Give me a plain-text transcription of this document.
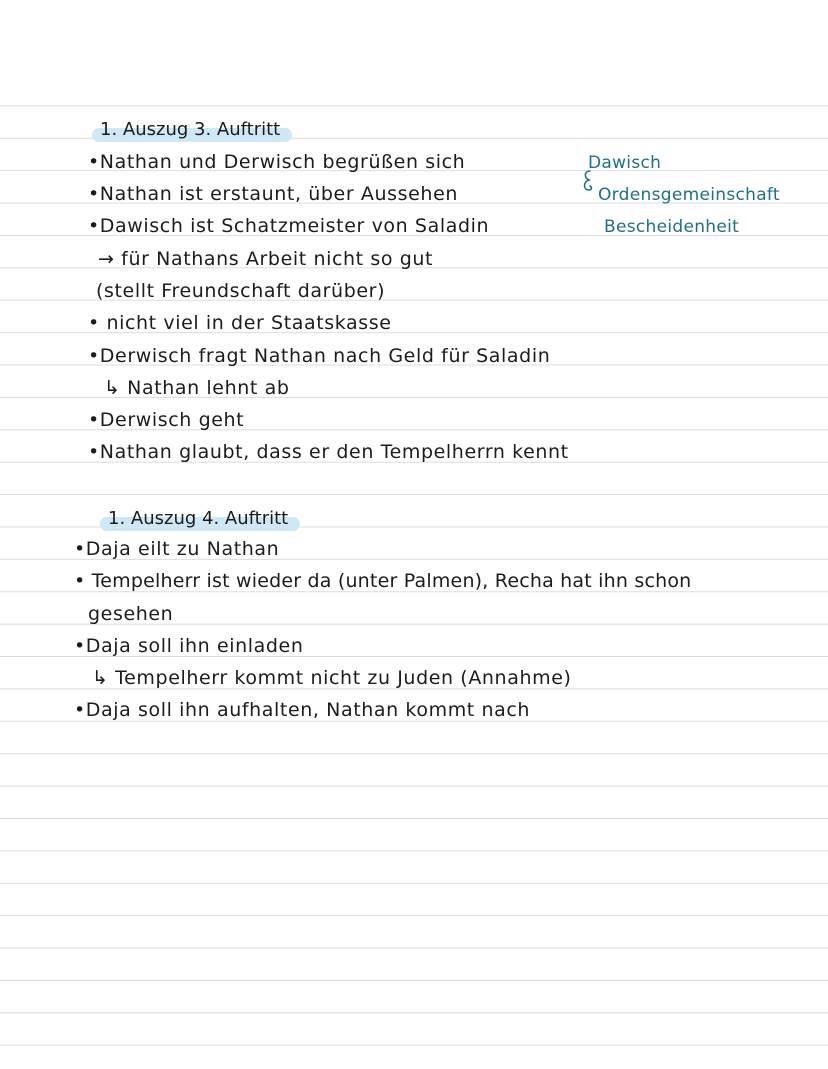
1. Auszug 3. Auftritt
•Nathan und Derwisch begrüßen sich
•Nathan ist erstaunt, über Aussehen
•Dawisch ist Schatzmeister von Saladin
→ für Nathans Arbeit nicht so gut
(stellt Freundschaft darüber)
• nicht viel in der Staatskasse
•Derwisch fragt Nathan nach Geld für Saladin
↳ Nathan lehnt ab
•Derwisch geht
•Nathan glaubt, dass er den Tempelherrn kennt
Dawisch
Ordensgemeinschaft
Bescheidenheit
1. Auszug 4. Auftritt
•Daja eilt zu Nathan
• Tempelherr ist wieder da (unter Palmen), Recha hat ihn schon
gesehen
•Daja soll ihn einladen
↳ Tempelherr kommt nicht zu Juden (Annahme)
•Daja soll ihn aufhalten, Nathan kommt nach
